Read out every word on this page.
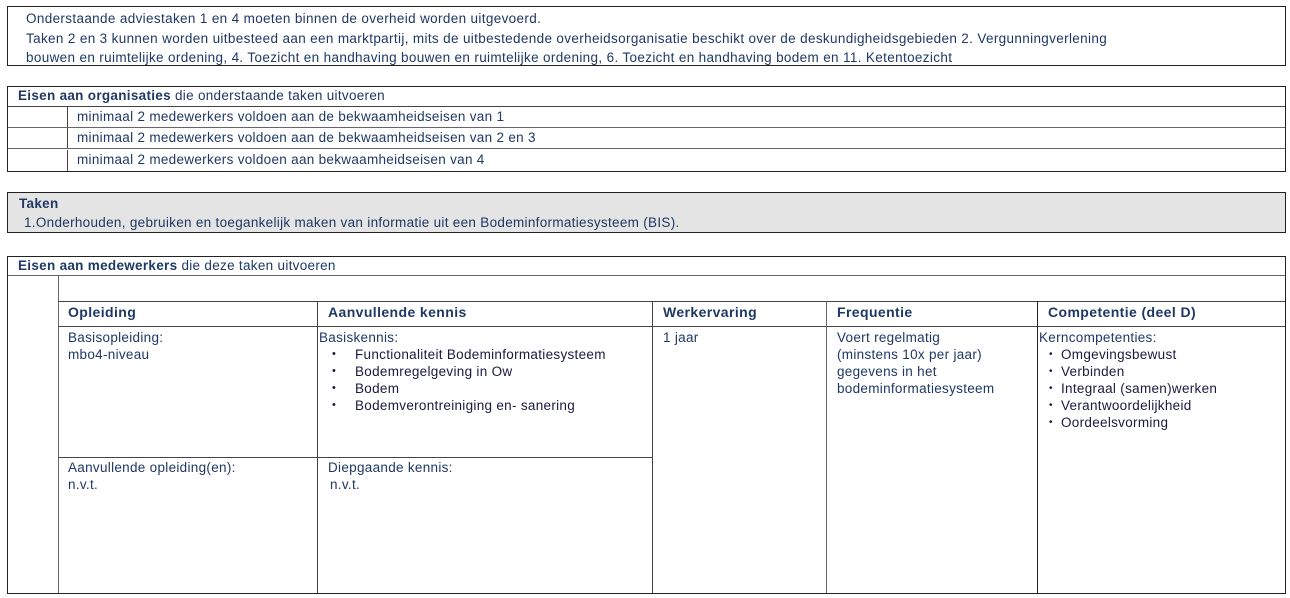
Onderstaande adviestaken 1 en 4 moeten binnen de overheid worden uitgevoerd.
Taken 2 en 3 kunnen worden uitbesteed aan een marktpartij, mits de uitbestedende overheidsorganisatie beschikt over de deskundigheidsgebieden 2. Vergunningverlening
bouwen en ruimtelijke ordening, 4. Toezicht en handhaving bouwen en ruimtelijke ordening, 6. Toezicht en handhaving bodem en 11. Ketentoezicht
Eisen aan organisaties die onderstaande taken uitvoeren
minimaal 2 medewerkers voldoen aan de bekwaamheidseisen van 1
minimaal 2 medewerkers voldoen aan de bekwaamheidseisen van 2 en 3
minimaal 2 medewerkers voldoen aan bekwaamheidseisen van 4
Taken
1.Onderhouden, gebruiken en toegankelijk maken van informatie uit een Bodeminformatiesysteem (BIS).
Eisen aan medewerkers die deze taken uitvoeren
Opleiding
Basisopleiding:
mbo4-niveau
Aanvullende opleiding(en):
n.v.t.
Aanvullende kennis
Basiskennis:
• Functionaliteit Bodeminformatiesysteem
• Bodemregelgeving in Ow
• Bodem
• Bodemverontreiniging en- sanering
Diepgaande kennis:
n.v.t.
Werkervaring
1 jaar
Frequentie
Voert regelmatig
(minstens 10x per jaar)
gegevens in het
bodeminformatiesysteem
Competentie (deel D)
Kerncompetenties:
• Omgevingsbewust
• Verbinden
• Integraal (samen)werken
• Verantwoordelijkheid
• Oordeelsvorming
